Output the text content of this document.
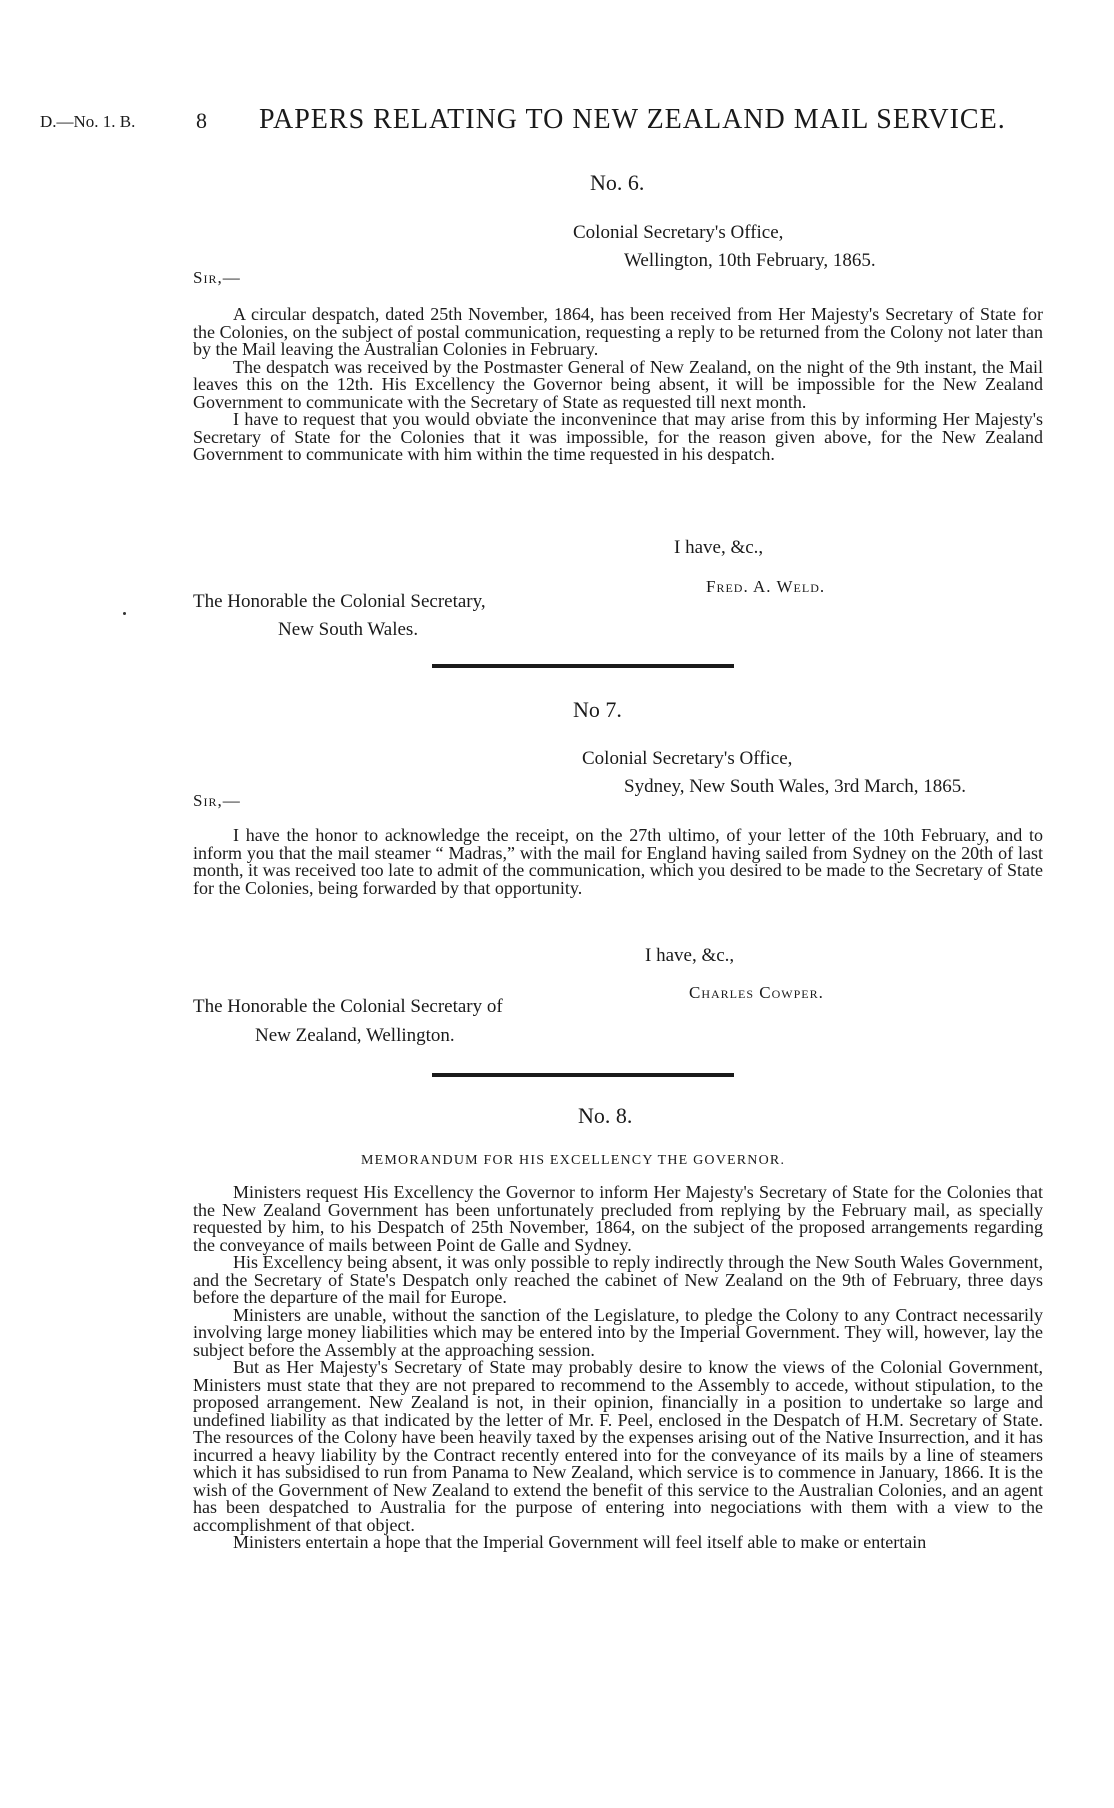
D.—No. 1. B.	8 PAPERS RELATING TO NEW ZEALAND MAIL SERVICE.
No. 6.
Colonial Secretary's Office,
Wellington, 10th February, 1865.
Sir,—

A circular despatch, dated 25th November, 1864, has been received from Her Majesty's Secretary of State for the Colonies, on the subject of postal communication, requesting a reply to be returned from the Colony not later than by the Mail leaving the Australian Colonies in February.

The despatch was received by the Postmaster General of New Zealand, on the night of the 9th instant, the Mail leaves this on the 12th. His Excellency the Governor being absent, it will be impossible for the New Zealand Government to communicate with the Secretary of State as requested till next month.

I have to request that you would obviate the inconvenince that may arise from this by informing Her Majesty's Secretary of State for the Colonies that it was impossible, for the reason given above, for the New Zealand Government to communicate with him within the time requested in his despatch.

I have, &c.,
Fred. A. Weld.
The Honorable the Colonial Secretary,
New South Wales.
No 7.
Colonial Secretary's Office,
Sydney, New South Wales, 3rd March, 1865.
Sir,—

I have the honor to acknowledge the receipt, on the 27th ultimo, of your letter of the 10th February, and to inform you that the mail steamer “ Madras,” with the mail for England having sailed from Sydney on the 20th of last month, it was received too late to admit of the communication, which you desired to be made to the Secretary of State for the Colonies, being forwarded by that opportunity.

I have, &c.,
Charles Cowper.
The Honorable the Colonial Secretary of
New Zealand, Wellington.
No. 8.
MEMORANDUM FOR HIS EXCELLENCY THE GOVERNOR.

Ministers request His Excellency the Governor to inform Her Majesty's Secretary of State for the Colonies that the New Zealand Government has been unfortunately precluded from replying by the February mail, as specially requested by him, to his Despatch of 25th November, 1864, on the subject of the proposed arrangements regarding the conveyance of mails between Point de Galle and Sydney.

His Excellency being absent, it was only possible to reply indirectly through the New South Wales Government, and the Secretary of State's Despatch only reached the cabinet of New Zealand on the 9th of February, three days before the departure of the mail for Europe.

Ministers are unable, without the sanction of the Legislature, to pledge the Colony to any Contract necessarily involving large money liabilities which may be entered into by the Imperial Government. They will, however, lay the subject before the Assembly at the approaching session.

But as Her Majesty's Secretary of State may probably desire to know the views of the Colonial Government, Ministers must state that they are not prepared to recommend to the Assembly to accede, without stipulation, to the proposed arrangement. New Zealand is not, in their opinion, financially in a position to undertake so large and undefined liability as that indicated by the letter of Mr. F. Peel, enclosed in the Despatch of H.M. Secretary of State. The resources of the Colony have been heavily taxed by the expenses arising out of the Native Insurrection, and it has incurred a heavy liability by the Contract recently entered into for the conveyance of its mails by a line of steamers which it has subsidised to run from Panama to New Zealand, which service is to commence in January, 1866. It is the wish of the Government of New Zealand to extend the benefit of this service to the Australian Colonies, and an agent has been despatched to Australia for the purpose of entering into negociations with them with a view to the accomplishment of that object.

Ministers entertain a hope that the Imperial Government will feel itself able to make or entertain
